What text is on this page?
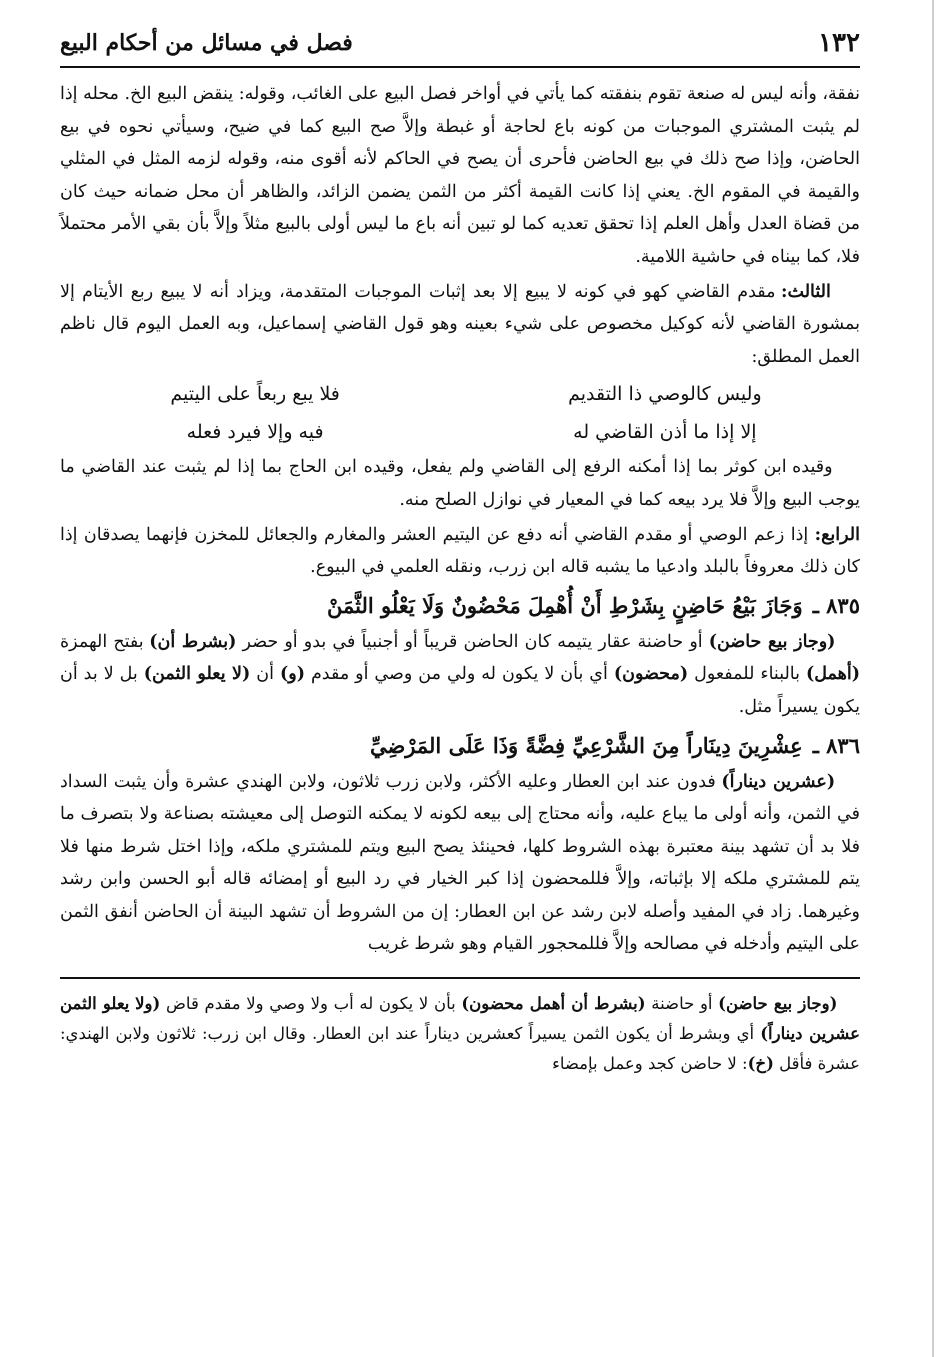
١٣٢
فصل في مسائل من أحكام البيع

نفقة، وأنه ليس له صنعة تقوم بنفقته كما يأتي في أواخر فصل البيع على الغائب، وقوله: ينقض البيع الخ. محله إذا لم يثبت المشتري الموجبات من كونه باع لحاجة أو غبطة وإلاَّ صح البيع كما في ضيح، وسيأتي نحوه في بيع الحاضن، وإذا صح ذلك في بيع الحاضن فأحرى أن يصح في الحاكم لأنه أقوى منه، وقوله لزمه المثل في المثلي والقيمة في المقوم الخ. يعني إذا كانت القيمة أكثر من الثمن يضمن الزائد، والظاهر أن محل ضمانه حيث كان من قضاة العدل وأهل العلم إذا تحقق تعديه كما لو تبين أنه باع ما ليس أولى بالبيع مثلاً وإلاَّ بأن بقي الأمر محتملاً فلا، كما بيناه في حاشية اللامية.

الثالث: مقدم القاضي كهو في كونه لا يبيع إلا بعد إثبات الموجبات المتقدمة، ويزاد أنه لا يبيع ربع الأيتام إلا بمشورة القاضي لأنه كوكيل مخصوص على شيء بعينه وهو قول القاضي إسماعيل، وبه العمل اليوم قال ناظم العمل المطلق:

وليس كالوصي ذا التقديم
فلا يبع ربعاً على اليتيم
إلا إذا ما أذن القاضي له
فيه وإلا فيرد فعله

وقيده ابن كوثر بما إذا أمكنه الرفع إلى القاضي ولم يفعل، وقيده ابن الحاج بما إذا لم يثبت عند القاضي ما يوجب البيع وإلاَّ فلا يرد بيعه كما في المعيار في نوازل الصلح منه.

الرابع: إذا زعم الوصي أو مقدم القاضي أنه دفع عن اليتيم العشر والمغارم والجعائل للمخزن فإنهما يصدقان إذا كان ذلك معروفاً بالبلد وادعيا ما يشبه قاله ابن زرب، ونقله العلمي في البيوع.

٨٣٥ ـ
وَجَازَ بَيْعُ حَاضِنٍ بِشَرْطِ أَنْ أُهْمِلَ مَحْضُونٌ وَلَا يَعْلُو الثَّمَنْ

(وجاز بيع حاضن) أو حاضنة عقار يتيمه كان الحاضن قريباً أو أجنبياً في بدو أو حضر (بشرط أن) بفتح الهمزة (أهمل) بالبناء للمفعول (محضون) أي بأن لا يكون له ولي من وصي أو مقدم (و) أن (لا يعلو الثمن) بل لا بد أن يكون يسيراً مثل.

٨٣٦ ـ
عِشْرِينَ دِينَاراً مِنَ الشَّرْعِيِّ فِضَّةً وَذَا عَلَى المَرْضِيِّ

(عشرين ديناراً) فدون عند ابن العطار وعليه الأكثر، ولابن زرب ثلاثون، ولابن الهندي عشرة وأن يثبت السداد في الثمن، وأنه أولى ما يباع عليه، وأنه محتاج إلى بيعه لكونه لا يمكنه التوصل إلى معيشته بصناعة ولا بتصرف ما فلا بد أن تشهد بينة معتبرة بهذه الشروط كلها، فحينئذ يصح البيع ويتم للمشتري ملكه، وإذا اختل شرط منها فلا يتم للمشتري ملكه إلا بإثباته، وإلاَّ فللمحضون إذا كبر الخيار في رد البيع أو إمضائه قاله أبو الحسن وابن رشد وغيرهما. زاد في المفيد وأصله لابن رشد عن ابن العطار: إن من الشروط أن تشهد البينة أن الحاضن أنفق الثمن على اليتيم وأدخله في مصالحه وإلاَّ فللمحجور القيام وهو شرط غريب

(وجاز بيع حاضن) أو حاضنة (بشرط أن أهمل محضون) بأن لا يكون له أب ولا وصي ولا مقدم قاض (ولا يعلو الثمن عشرين ديناراً) أي وبشرط أن يكون الثمن يسيراً كعشرين ديناراً عند ابن العطار. وقال ابن زرب: ثلاثون ولابن الهندي: عشرة فأقل (خ): لا حاضن كجد وعمل بإمضاء
